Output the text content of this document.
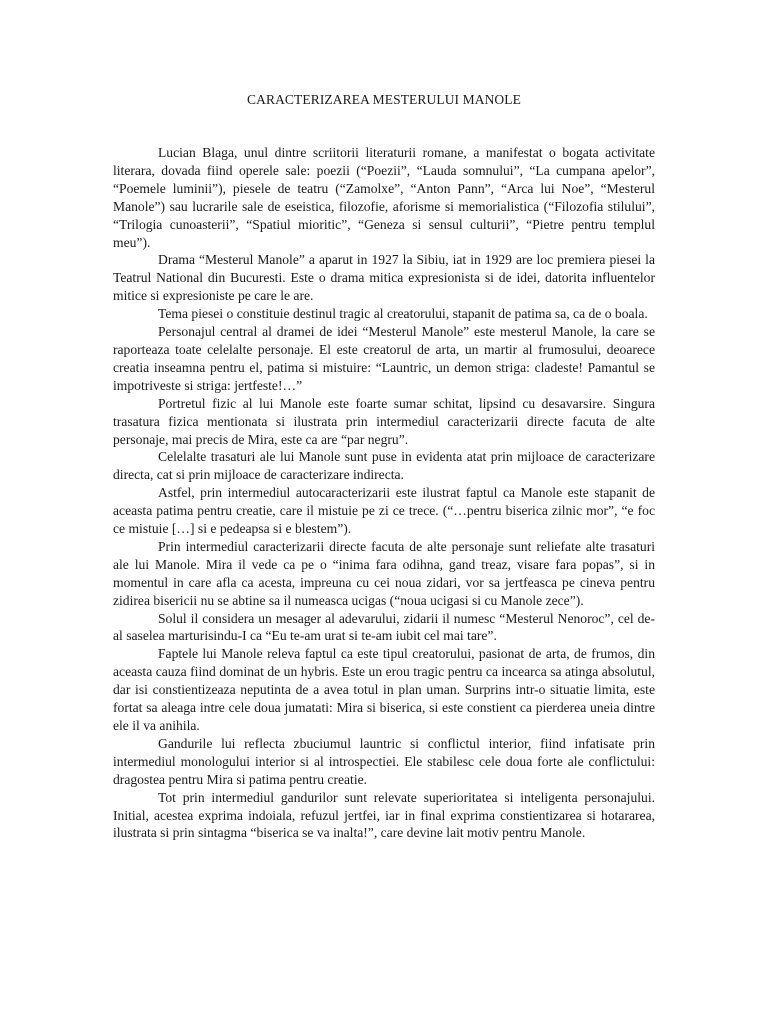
CARACTERIZAREA MESTERULUI MANOLE

Lucian Blaga, unul dintre scriitorii literaturii romane, a manifestat o bogata activitate literara, dovada fiind operele sale: poezii (“Poezii”, “Lauda somnului”, “La cumpana apelor”, “Poemele luminii”), piesele de teatru (“Zamolxe”, “Anton Pann”, “Arca lui Noe”, “Mesterul Manole”) sau lucrarile sale de eseistica, filozofie, aforisme si memorialistica (“Filozofia stilului”, “Trilogia cunoasterii”, “Spatiul mioritic”, “Geneza si sensul culturii”, “Pietre pentru templul meu”).

Drama “Mesterul Manole” a aparut in 1927 la Sibiu, iat in 1929 are loc premiera piesei la Teatrul National din Bucuresti. Este o drama mitica expresionista si de idei, datorita influentelor mitice si expresioniste pe care le are.

Tema piesei o constituie destinul tragic al creatorului, stapanit de patima sa, ca de o boala.

Personajul central al dramei de idei “Mesterul Manole” este mesterul Manole, la care se raporteaza toate celelalte personaje. El este creatorul de arta, un martir al frumosului, deoarece creatia inseamna pentru el, patima si mistuire: “Launtric, un demon striga: cladeste! Pamantul se impotriveste si striga: jertfeste!…”

Portretul fizic al lui Manole este foarte sumar schitat, lipsind cu desavarsire. Singura trasatura fizica mentionata si ilustrata prin intermediul caracterizarii directe facuta de alte personaje, mai precis de Mira, este ca are “par negru”.

Celelalte trasaturi ale lui Manole sunt puse in evidenta atat prin mijloace de caracterizare directa, cat si prin mijloace de caracterizare indirecta.

Astfel, prin intermediul autocaracterizarii este ilustrat faptul ca Manole este stapanit de aceasta patima pentru creatie, care il mistuie pe zi ce trece. (“…pentru biserica zilnic mor”, “e foc ce mistuie […] si e pedeapsa si e blestem”).

Prin intermediul caracterizarii directe facuta de alte personaje sunt reliefate alte trasaturi ale lui Manole. Mira il vede ca pe o “inima fara odihna, gand treaz, visare fara popas”, si in momentul in care afla ca acesta, impreuna cu cei noua zidari, vor sa jertfeasca pe cineva pentru zidirea bisericii nu se abtine sa il numeasca ucigas (“noua ucigasi si cu Manole zece”).

Solul il considera un mesager al adevarului, zidarii il numesc “Mesterul Nenoroc”, cel de-al saselea marturisindu-I ca “Eu te-am urat si te-am iubit cel mai tare”.

Faptele lui Manole releva faptul ca este tipul creatorului, pasionat de arta, de frumos, din aceasta cauza fiind dominat de un hybris. Este un erou tragic pentru ca incearca sa atinga absolutul, dar isi constientizeaza neputinta de a avea totul in plan uman. Surprins intr-o situatie limita, este fortat sa aleaga intre cele doua jumatati: Mira si biserica, si este constient ca pierderea uneia dintre ele il va anihila.

Gandurile lui reflecta zbuciumul launtric si conflictul interior, fiind infatisate prin intermediul monologului interior si al introspectiei. Ele stabilesc cele doua forte ale conflictului: dragostea pentru Mira si patima pentru creatie.

Tot prin intermediul gandurilor sunt relevate superioritatea si inteligenta personajului. Initial, acestea exprima indoiala, refuzul jertfei, iar in final exprima constientizarea si hotararea, ilustrata si prin sintagma “biserica se va inalta!”, care devine lait motiv pentru Manole.
